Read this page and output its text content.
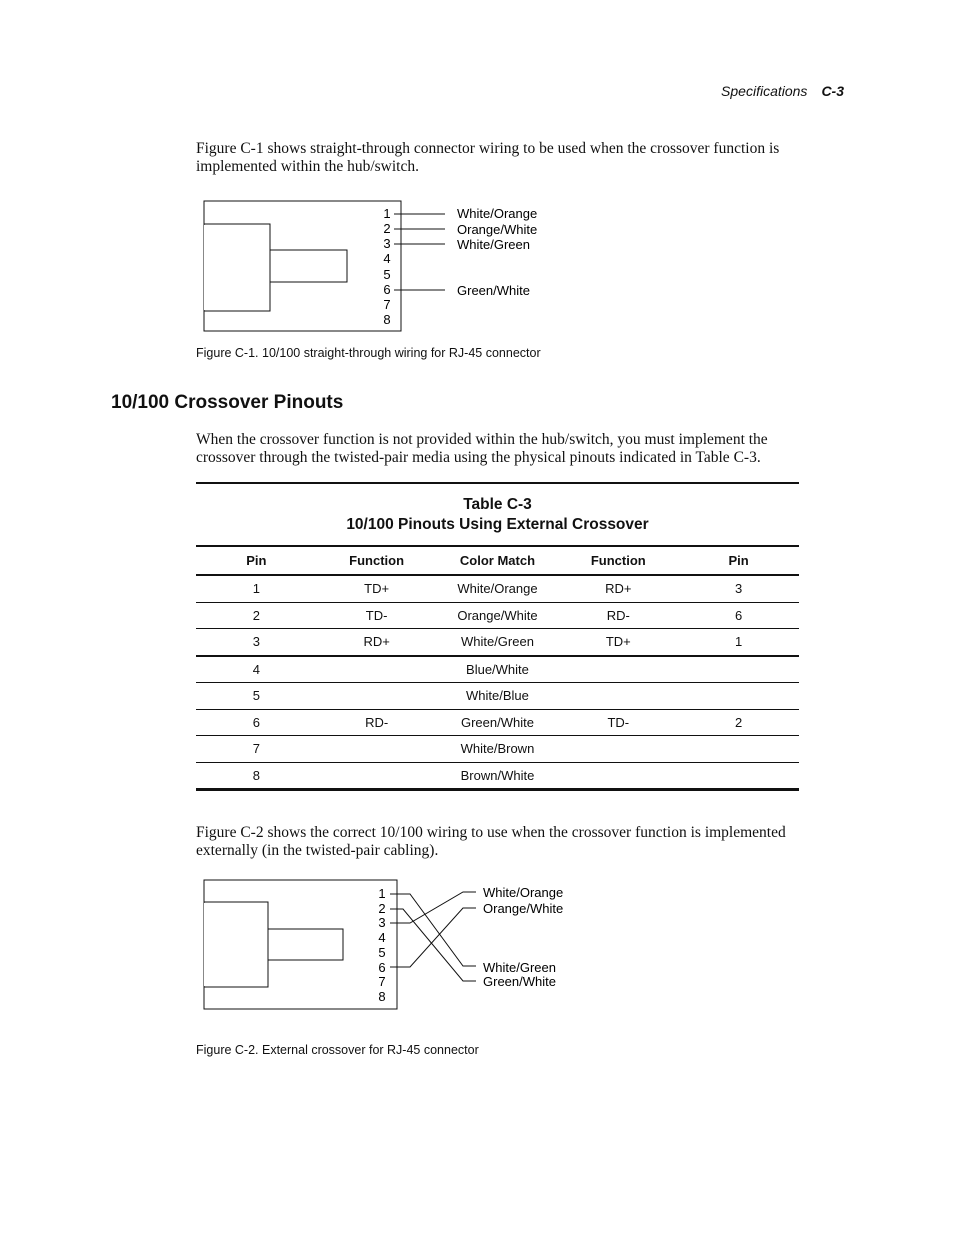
Specifications C-3
Figure C-1 shows straight-through connector wiring to be used when the crossover function is implemented within the hub/switch.
1
2
3
4
5
6
7
8
White/Orange
Orange/White
White/Green
Green/White
Figure C-1. 10/100 straight-through wiring for RJ-45 connector
10/100 Crossover Pinouts
When the crossover function is not provided within the hub/switch, you must implement the crossover through the twisted-pair media using the physical pinouts indicated in Table C-3.
Table C-3
10/100 Pinouts Using External Crossover
Pin	Function	Color Match	Function	Pin
1	TD+	White/Orange	RD+	3
2	TD-	Orange/White	RD-	6
3	RD+	White/Green	TD+	1
4		Blue/White		
5		White/Blue		
6	RD-	Green/White	TD-	2
7		White/Brown		
8		Brown/White		
Figure C-2 shows the correct 10/100 wiring to use when the crossover function is implemented externally (in the twisted-pair cabling).
1
2
3
4
5
6
7
8
White/Orange
Orange/White
White/Green
Green/White
Figure C-2. External crossover for RJ-45 connector
